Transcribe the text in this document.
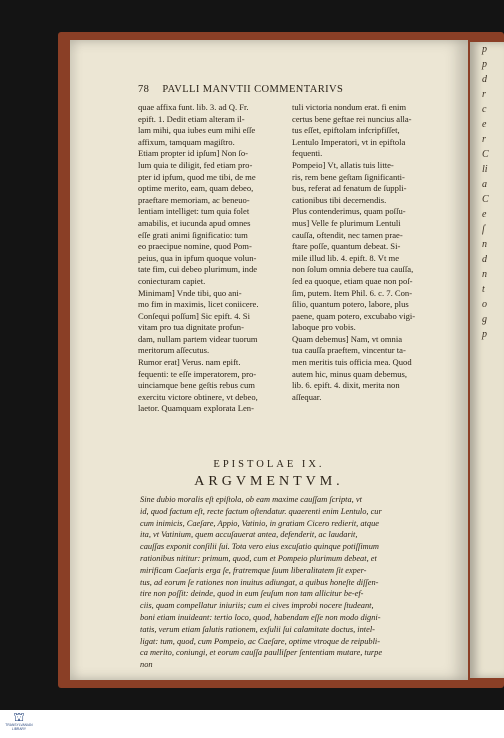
p
p
d
r
c
e
r
C
li
a
C
e
ſ
n
d
n
t
o
g
p
78 PAVLLI MANVTII COMMENTARIVS
quae affixa funt. lib. 3. ad Q. Fr.
epift. 1. Dedit etiam alteram il-
lam mihi, qua iubes eum mihi eſſe
affixum, tamquam magiſtro.
Etiam propter id ipſum] Non ſo-
lum quia te diligit, fed etiam pro-
pter id ipfum, quod me tibi, de me
optime merito, eam, quam debeo,
praeftare memoriam, ac beneuo-
lentiam intelliget: tum quia folet
amabilis, et iucunda apud omnes
eſſe grati animi ſignificatio: tum
eo praecipue nomine, quod Pom-
peius, qua in ipfum quoque volun-
tate fim, cui debeo plurimum, inde
coniecturam capiet.
Minimam] Vnde tibi, quo ani-
mo fim in maximis, licet coniicere.
Conſequi poſſum] Sic epift. 4. Si
vitam pro tua dignitate profun-
dam, nullam partem videar tuorum
meritorum aſſecutus.
Rumor erat] Verus. nam epift.
fequenti: te eſſe imperatorem, pro-
uinciamque bene geſtis rebus cum
exercitu victore obtinere, vt debeo,
laetor. Quamquam explorata Len-
tuli victoria nondum erat. fi enim
certus bene geftae rei nuncius alla-
tus eſſet, epiftolam infcripfiſſet,
Lentulo Imperatori, vt in epiftola
fequenti.
Pompeio] Vt, allatis tuis litte-
ris, rem bene geſtam ſignificanti-
bus, referat ad fenatum de ſuppli-
cationibus tibi decernendis.
Plus contenderimus, quam poſſu-
mus] Velle fe plurimum Lentuli
cauſſa, oftendit, nec tamen prae-
ftare poſſe, quantum debeat. Si-
mile illud lib. 4. epift. 8. Vt me
non ſolum omnia debere tua cauſſa,
ſed ea quoque, etiam quae non poſ-
ſim, putem. Item Phil. 6. c. 7. Con-
ſilio, quantum potero, labore, plus
paene, quam potero, excubabo vigi-
laboque pro vobis.
Quam debemus] Nam, vt omnia
tua cauſſa praeftem, vincentur ta-
men meritis tuis officia mea. Quod
autem hic, minus quam debemus,
lib. 6. epift. 4. dixit, merita non
aſſequar.
EPISTOLAE IX.
ARGVMENTVM.
Sine dubio moralis eſt epiſtola, ob eam maxime cauſſam ſcripta, vt
id, quod factum eſt, recte factum oſtendatur. quaerenti enim Lentulo, cur
cum inimicis, Caeſare, Appio, Vatinio, in gratiam Cicero redierit, atque
ita, vt Vatinium, quem accuſauerat antea, defenderit, ac laudarit,
cauſſas exponit conſilii ſui. Tota vero eius excuſatio quinque potiſſimum
rationibus nititur: primum, quod, cum et Pompeio plurimum debeat, et
mirificam Caeſaris erga ſe, fratremque ſuum liberalitatem ſit exper-
tus, ad eorum ſe rationes non inuitus adiungat, a quibus honeſte diſſen-
tire non poſſit: deinde, quod in eum ſeuſum non tam allicitur be-ef-
ciis, quam compellatur iniuriis; cum ei cives improbi nocere ſtudeant,
boni etiam inuideant: tertio loco, quod, habendam eſſe non modo digni-
tatis, verum etiam ſalutis rationem, exſulii ſui calamitate doctus, intel-
ligat: tum, quod, cum Pompeio, ac Caeſare, optime vtroque de reipubli-
ca merito, coniungi, et eorum cauſſa paulliſper ſententiam mutare, turpe
non
⛫
TRANSYLVANIAN LIBRARY
